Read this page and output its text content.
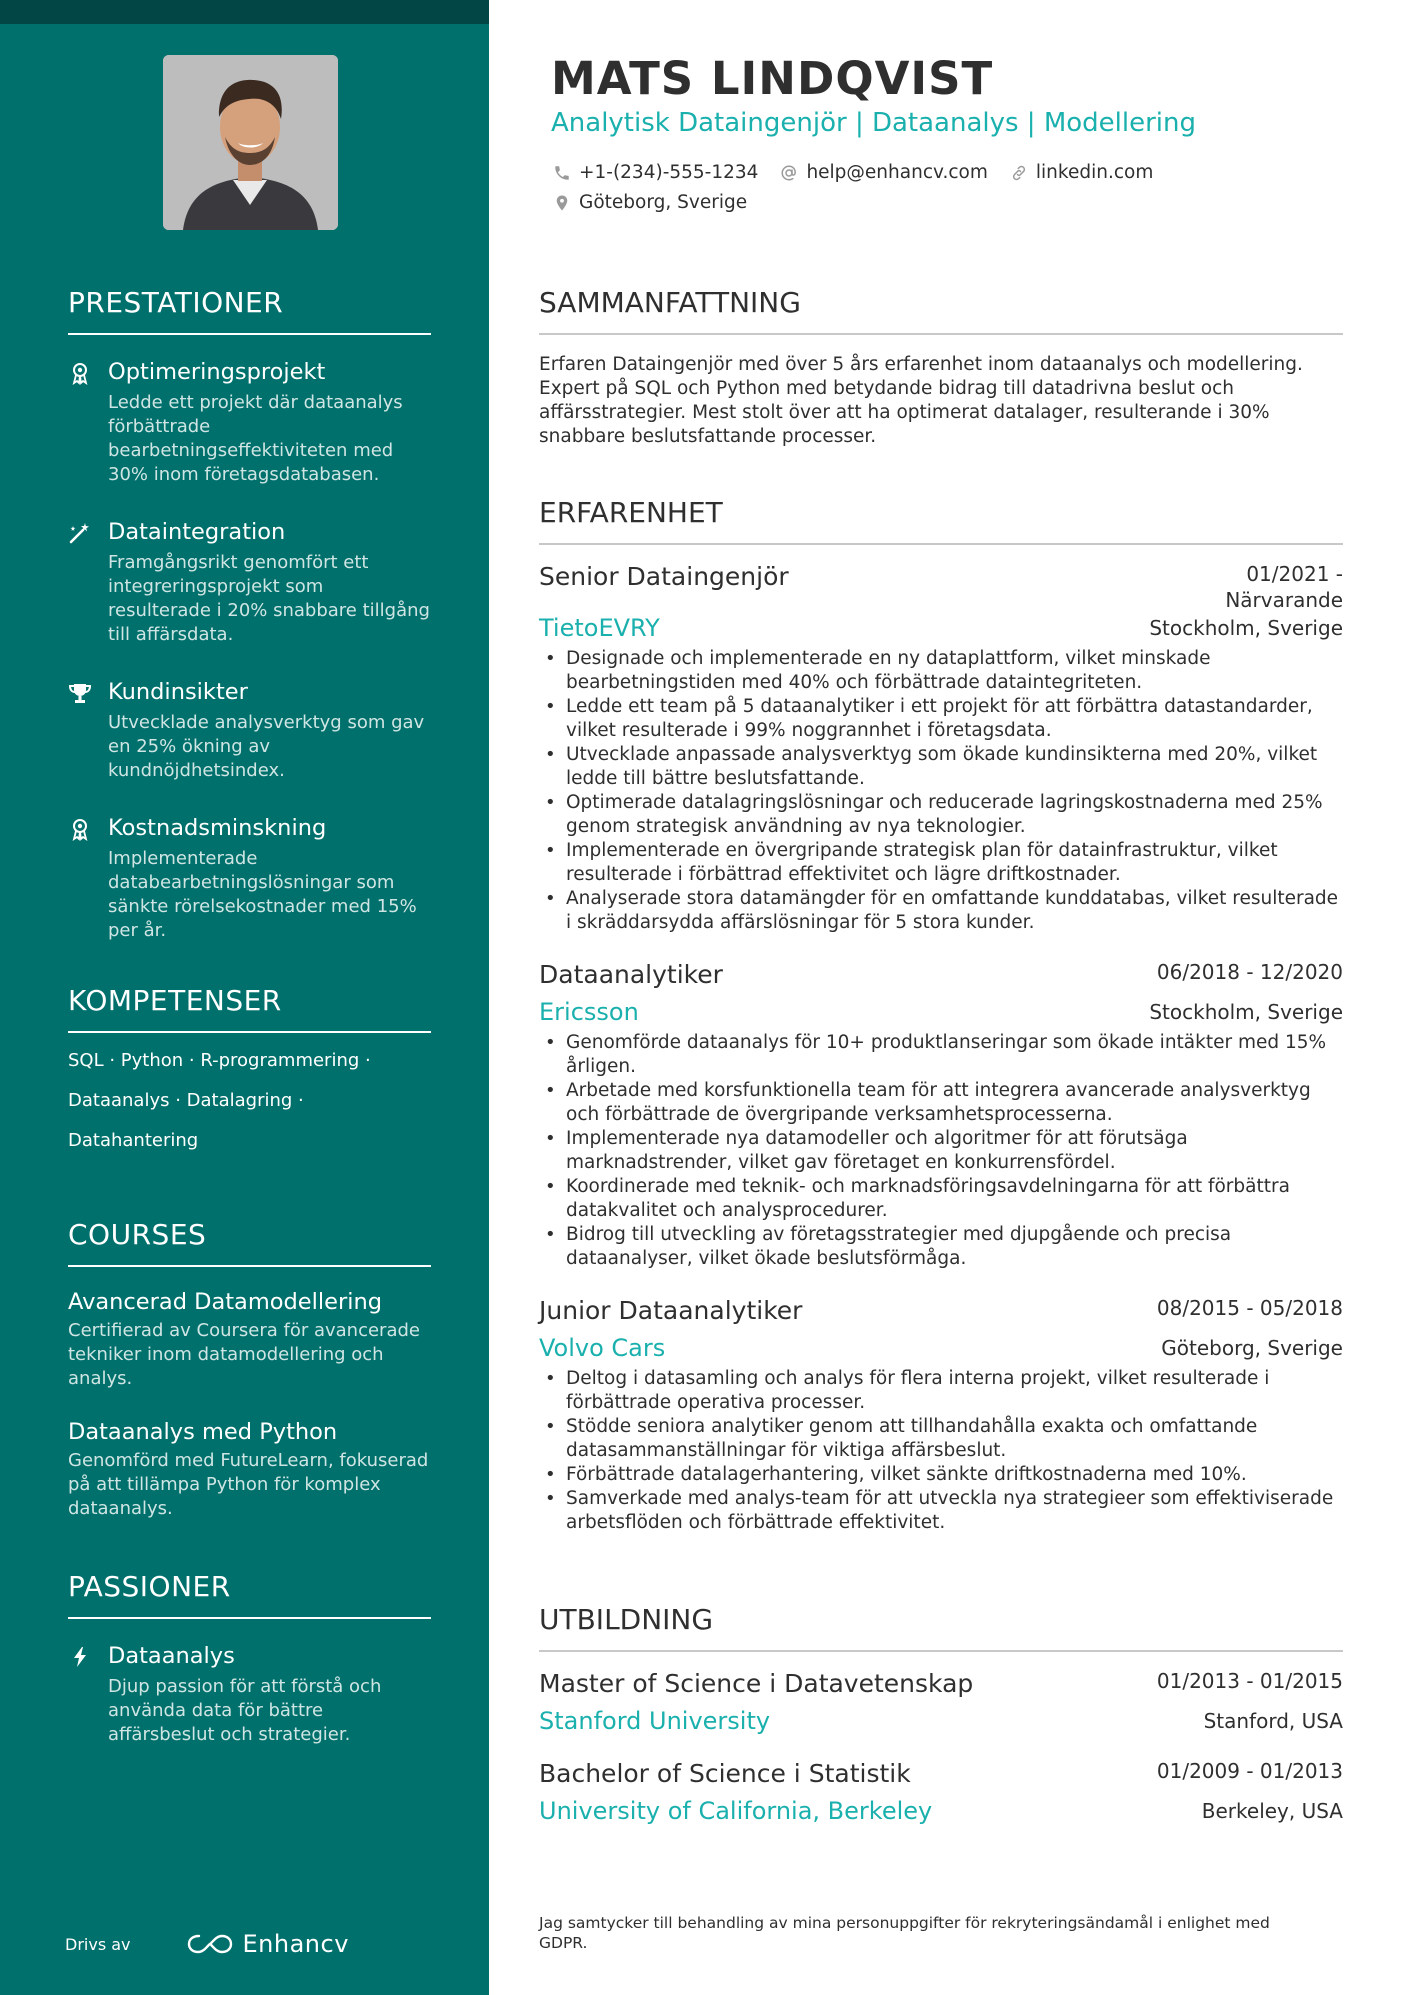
PRESTATIONER
Optimeringsprojekt
Ledde ett projekt där dataanalys förbättrade bearbetningseffektiviteten med 30% inom företagsdatabasen.
Dataintegration
Framgångsrikt genomfört ett integreringsprojekt som resulterade i 20% snabbare tillgång till affärsdata.
Kundinsikter
Utvecklade analysverktyg som gav en 25% ökning av kundnöjdhetsindex.
Kostnadsminskning
Implementerade databearbetningslösningar som sänkte rörelsekostnader med 15% per år.
KOMPETENSER
SQL · Python · R-programmering ·
Dataanalys · Datalagring ·
Datahantering
COURSES
Avancerad Datamodellering
Certifierad av Coursera för avancerade tekniker inom datamodellering och analys.
Dataanalys med Python
Genomförd med FutureLearn, fokuserad på att tillämpa Python för komplex dataanalys.
PASSIONER
Dataanalys
Djup passion för att förstå och använda data för bättre affärsbeslut och strategier.
Drivs av	Enhancv
MATS LINDQVIST
Analytisk Dataingenjör | Dataanalys | Modellering
+1-(234)-555-1234	help@enhancv.com	linkedin.com
Göteborg, Sverige
SAMMANFATTNING
Erfaren Dataingenjör med över 5 års erfarenhet inom dataanalys och modellering. Expert på SQL och Python med betydande bidrag till datadrivna beslut och affärsstrategier. Mest stolt över att ha optimerat datalager, resulterande i 30% snabbare beslutsfattande processer.
ERFARENHET
Senior Dataingenjör	01/2021 -
Närvarande
TietoEVRY	Stockholm, Sverige
• Designade och implementerade en ny dataplattform, vilket minskade bearbetningstiden med 40% och förbättrade dataintegriteten.
• Ledde ett team på 5 dataanalytiker i ett projekt för att förbättra datastandarder, vilket resulterade i 99% noggrannhet i företagsdata.
• Utvecklade anpassade analysverktyg som ökade kundinsikterna med 20%, vilket ledde till bättre beslutsfattande.
• Optimerade datalagringslösningar och reducerade lagringskostnaderna med 25% genom strategisk användning av nya teknologier.
• Implementerade en övergripande strategisk plan för datainfrastruktur, vilket resulterade i förbättrad effektivitet och lägre driftkostnader.
• Analyserade stora datamängder för en omfattande kunddatabas, vilket resulterade i skräddarsydda affärslösningar för 5 stora kunder.
Dataanalytiker	06/2018 - 12/2020
Ericsson	Stockholm, Sverige
• Genomförde dataanalys för 10+ produktlanseringar som ökade intäkter med 15% årligen.
• Arbetade med korsfunktionella team för att integrera avancerade analysverktyg och förbättrade de övergripande verksamhetsprocesserna.
• Implementerade nya datamodeller och algoritmer för att förutsäga marknadstrender, vilket gav företaget en konkurrensfördel.
• Koordinerade med teknik- och marknadsföringsavdelningarna för att förbättra datakvalitet och analysprocedurer.
• Bidrog till utveckling av företagsstrategier med djupgående och precisa dataanalyser, vilket ökade beslutsförmåga.
Junior Dataanalytiker	08/2015 - 05/2018
Volvo Cars	Göteborg, Sverige
• Deltog i datasamling och analys för flera interna projekt, vilket resulterade i förbättrade operativa processer.
• Stödde seniora analytiker genom att tillhandahålla exakta och omfattande datasammanställningar för viktiga affärsbeslut.
• Förbättrade datalagerhantering, vilket sänkte driftkostnaderna med 10%.
• Samverkade med analys-team för att utveckla nya strategieer som effektiviserade arbetsflöden och förbättrade effektivitet.
UTBILDNING
Master of Science i Datavetenskap	01/2013 - 01/2015
Stanford University	Stanford, USA
Bachelor of Science i Statistik	01/2009 - 01/2013
University of California, Berkeley	Berkeley, USA
Jag samtycker till behandling av mina personuppgifter för rekryteringsändamål i enlighet med GDPR.
